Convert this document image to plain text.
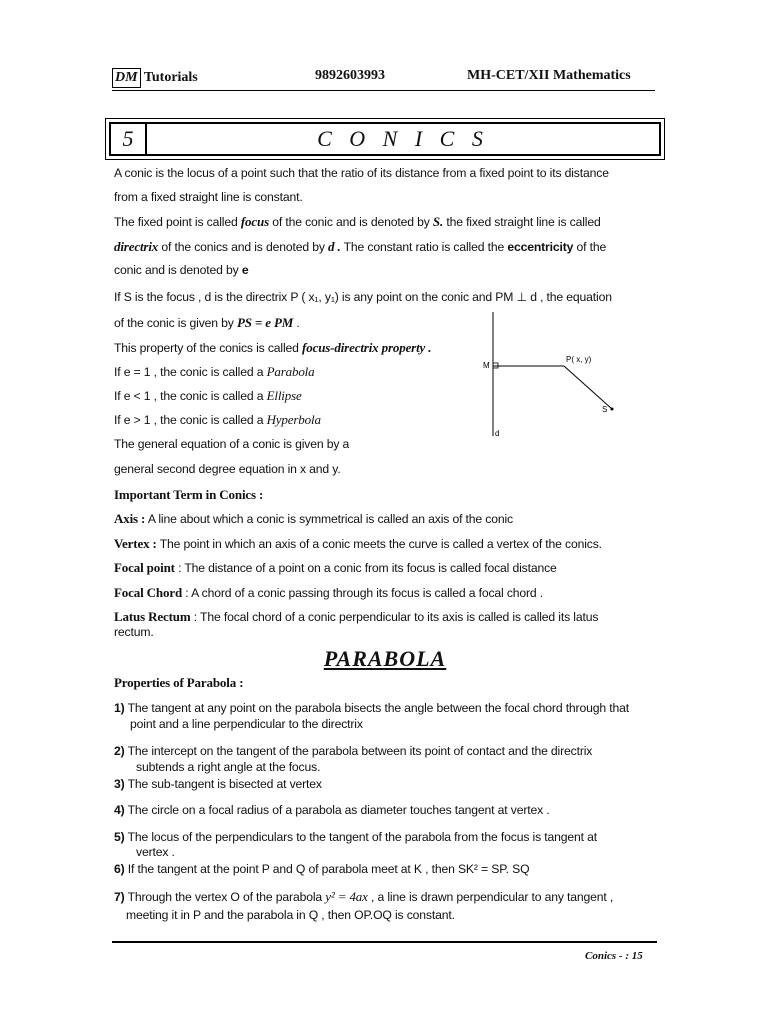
DM Tutorials	9892603993	MH-CET/XII Mathematics
5	C O N I C S
A conic is the locus of a point such that the ratio of its distance from a fixed point to its distance
from a fixed straight line is constant.
The fixed point is called focus of the conic and is denoted by S. the fixed straight line is called
directrix of the conics and is denoted by d . The constant ratio is called the eccentricity of the
conic and is denoted by e
If S is the focus , d is the directrix P ( x₁, y₁) is any point on the conic and PM ⊥ d , the equation
of the conic is given by PS = e PM .
This property of the conics is called focus-directrix property .
If e = 1 , the conic is called a Parabola
If e < 1 , the conic is called a Ellipse
If e > 1 , the conic is called a Hyperbola
The general equation of a conic is given by a
general second degree equation in x and y.
M
P( x, y)
S
d
Important Term in Conics :
Axis : A line about which a conic is symmetrical is called an axis of the conic
Vertex : The point in which an axis of a conic meets the curve is called a vertex of the conics.
Focal point : The distance of a point on a conic from its focus is called focal distance
Focal Chord : A chord of a conic passing through its focus is called a focal chord .
Latus Rectum : The focal chord of a conic perpendicular to its axis is called is called its latus
rectum.
PARABOLA
Properties of Parabola :
1) The tangent at any point on the parabola bisects the angle between the focal chord through that
point and a line perpendicular to the directrix
2) The intercept on the tangent of the parabola between its point of contact and the directrix
subtends a right angle at the focus.
3) The sub-tangent is bisected at vertex
4) The circle on a focal radius of a parabola as diameter touches tangent at vertex .
5) The locus of the perpendiculars to the tangent of the parabola from the focus is tangent at
vertex .
6) If the tangent at the point P and Q of parabola meet at K , then SK² = SP. SQ
7) Through the vertex O of the parabola y² = 4ax , a line is drawn perpendicular to any tangent ,
meeting it in P and the parabola in Q , then OP.OQ is constant.
Conics - : 15
